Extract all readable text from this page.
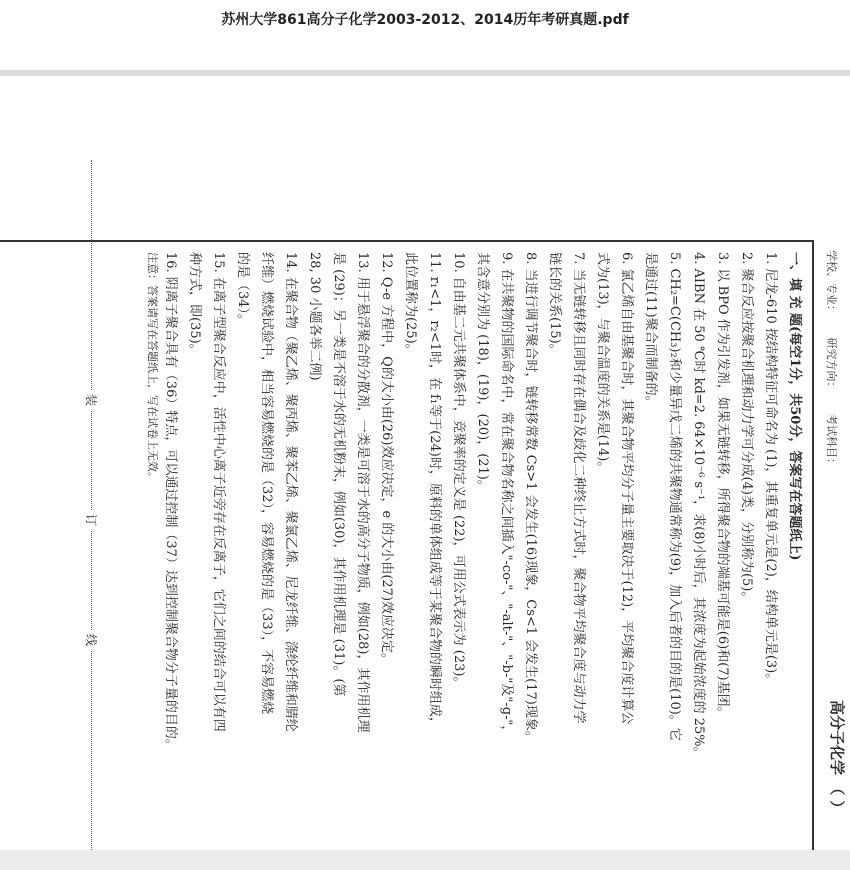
苏州大学861高分子化学2003-2012、2014历年考研真题.pdf
学校、专业： 研究方向： 考试科目：
高分子化学 （ ）
装
订
线
一、填 充 题(每空1分，共50分，答案写在答题纸上)
1. 尼龙-610 按结构特征可命名为 (1)，其重复单元是(2)，结构单元是(3)。
2. 聚合反应按聚合机理和动力学可分成(4)类，分别称为(5)。
3. 以 BPO 作为引发剂，如果无链转移，所得聚合物的端基可能是(6)和(7)基团。
4. AIBN 在 50 ℃时 kd=2. 64×10⁻⁶ s⁻¹，求(8)小时后，其浓度为起始浓度的 25%。
5. CH₂=C(CH₃)₂和少量异戊二烯的共聚物通常称为(9)，加入后者的目的是(10)。它
是通过(11)聚合而制备的。
6. 氯乙烯自由基聚合时，其聚合物平均分子量主要取决于(12)，平均聚合度计算公
式为(13)，与聚合温度的关系是(14)。
7. 当无链转移且同时存在偶合及歧化二种终止方式时，聚合物平均聚合度与动力学
链长的关系(15)。
8. 当进行调节聚合时，链转移常数 Cs>1 会发生(16)现象，Cs<1 会发生(17)现象。
9. 在共聚物的国际命名中，常在聚合物名称之间插入"-co-"、"-alt-"、"-b-"及"-g-"，
其含意分别为 (18)，(19)，(20)，(21)。
10. 自由基二元共聚体系中，竞聚率的定义是 (22)，可用公式表示为 (23)。
11. r₁<1，r₂<1时，在 f₁等于(24)时，原料的单体组成等于某聚合物的瞬时组成，
此位置称为(25)。
12. Q-e 方程中，Q的大小由(26)效应决定，e 的大小由(27)效应决定。
13. 用于悬浮聚合的分散剂，一类是可溶于水的高分子物质，例如(28)，其作用机理
是 (29)；另一类是不溶于水的无机粉末，例如(30)，其作用机理是 (31)。(第
28, 30 小题各举二例)
14. 在聚合物（聚乙烯、聚丙烯、聚苯乙烯、聚氯乙烯、尼龙纤维、涤纶纤维和腈纶
纤维）燃烧试验中，相当容易燃烧的是（32），容易燃烧的是（33），不容易燃烧
的是（34）。
15. 在离子型聚合反应中，活性中心离子近旁存在反离子，它们之间的结合可以有四
种方式，即(35)。
16. 阴离子聚合具有（36）特点，可以通过控制（37）达到控制聚合物分子量的目的。
注意：答案请写在答题纸上，写在试卷上无效。
